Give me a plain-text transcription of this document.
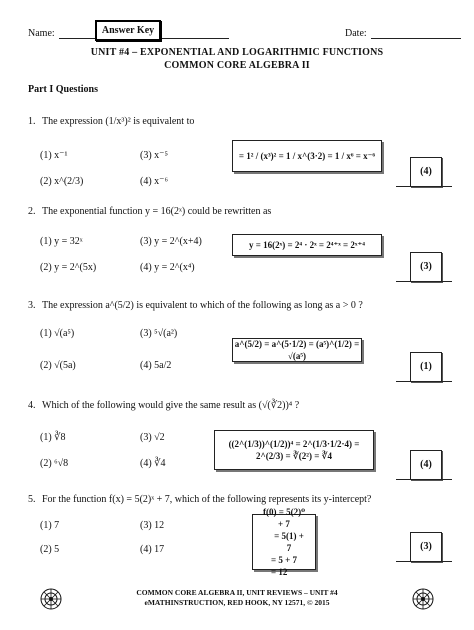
Name:	Answer Key	Date:
UNIT #4 – EXPONENTIAL AND LOGARITHMIC FUNCTIONS
COMMON CORE ALGEBRA II
Part I Questions
1. The expression (1/x³)² is equivalent to
(1) x⁻¹	(3) x⁻⁵
(2) x^(2/3)	(4) x⁻⁶
= 1² / (x³)² = 1 / x^(3·2) = 1 / x⁶ = x⁻⁶
(4)
2. The exponential function y = 16(2ˣ) could be rewritten as
(1) y = 32ˣ	(3) y = 2^(x+4)
(2) y = 2^(5x)	(4) y = 2^(x⁴)
y = 16(2ˣ) = 2⁴ · 2ˣ = 2⁴⁺ˣ = 2ˣ⁺⁴
(3)
3. The expression a^(5/2) is equivalent to which of the following as long as a > 0 ?
(1) √(a⁵)	(3) ⁵√(a²)
(2) √(5a)	(4) 5a/2
a^(5/2) = a^(5·1/2) = (a⁵)^(1/2) = √(a⁵)
(1)
4. Which of the following would give the same result as (√(∛2))⁴ ?
(1) ∛8	(3) √2
(2) ⁶√8	(4) ∛4
((2^(1/3))^(1/2))⁴ = 2^(1/3·1/2·4) = 2^(2/3) = ∛(2²) = ∛4
(4)
5. For the function f(x) = 5(2)ˣ + 7, which of the following represents its y-intercept?
(1) 7	(3) 12
(2) 5	(4) 17
f(0) = 5(2)⁰ + 7
= 5(1) + 7
= 5 + 7
= 12
(3)
COMMON CORE ALGEBRA II, UNIT REVIEWS – UNIT #4
eMATHINSTRUCTION, RED HOOK, NY 12571, © 2015
